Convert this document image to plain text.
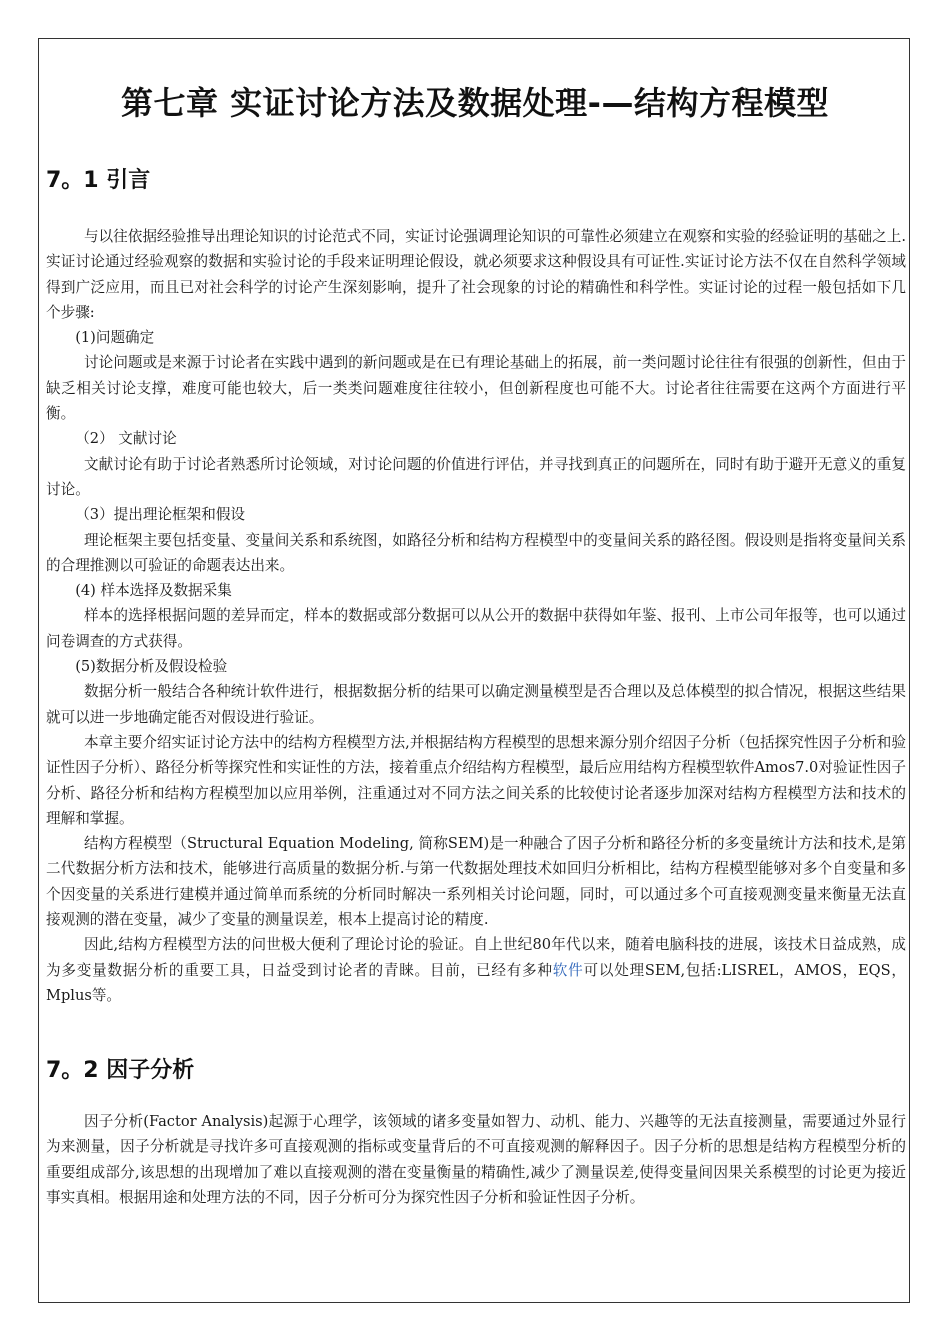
第七章 实证讨论方法及数据处理-—结构方程模型
7。1 引言

与以往依据经验推导出理论知识的讨论范式不同，实证讨论强调理论知识的可靠性必须建立在观察和实验的经验证明的基础之上.实证讨论通过经验观察的数据和实验讨论的手段来证明理论假设，就必须要求这种假设具有可证性.实证讨论方法不仅在自然科学领域得到广泛应用，而且已对社会科学的讨论产生深刻影响，提升了社会现象的讨论的精确性和科学性。实证讨论的过程一般包括如下几个步骤:

(1)问题确定

讨论问题或是来源于讨论者在实践中遇到的新问题或是在已有理论基础上的拓展，前一类问题讨论往往有很强的创新性，但由于缺乏相关讨论支撑，难度可能也较大，后一类类问题难度往往较小，但创新程度也可能不大。讨论者往往需要在这两个方面进行平衡。

（2） 文献讨论

文献讨论有助于讨论者熟悉所讨论领域，对讨论问题的价值进行评估，并寻找到真正的问题所在，同时有助于避开无意义的重复讨论。

（3）提出理论框架和假设

理论框架主要包括变量、变量间关系和系统图，如路径分析和结构方程模型中的变量间关系的路径图。假设则是指将变量间关系的合理推测以可验证的命题表达出来。

(4) 样本选择及数据采集

样本的选择根据问题的差异而定，样本的数据或部分数据可以从公开的数据中获得如年鉴、报刊、上市公司年报等，也可以通过问卷调查的方式获得。

(5)数据分析及假设检验

数据分析一般结合各种统计软件进行，根据数据分析的结果可以确定测量模型是否合理以及总体模型的拟合情况，根据这些结果就可以进一步地确定能否对假设进行验证。

本章主要介绍实证讨论方法中的结构方程模型方法,并根据结构方程模型的思想来源分别介绍因子分析（包括探究性因子分析和验证性因子分析）、路径分析等探究性和实证性的方法，接着重点介绍结构方程模型，最后应用结构方程模型软件Amos7.0对验证性因子分析、路径分析和结构方程模型加以应用举例，注重通过对不同方法之间关系的比较使讨论者逐步加深对结构方程模型方法和技术的理解和掌握。

结构方程模型（Structural Equation Modeling, 简称SEM)是一种融合了因子分析和路径分析的多变量统计方法和技术,是第二代数据分析方法和技术，能够进行高质量的数据分析.与第一代数据处理技术如回归分析相比，结构方程模型能够对多个自变量和多个因变量的关系进行建模并通过简单而系统的分析同时解决一系列相关讨论问题，同时，可以通过多个可直接观测变量来衡量无法直接观测的潜在变量，减少了变量的测量误差，根本上提高讨论的精度.

因此,结构方程模型方法的问世极大便利了理论讨论的验证。自上世纪80年代以来，随着电脑科技的进展，该技术日益成熟，成为多变量数据分析的重要工具，日益受到讨论者的青睐。目前，已经有多种软件可以处理SEM,包括:LISREL，AMOS，EQS，Mplus等。

7。2 因子分析

因子分析(Factor Analysis)起源于心理学，该领域的诸多变量如智力、动机、能力、兴趣等的无法直接测量，需要通过外显行为来测量，因子分析就是寻找许多可直接观测的指标或变量背后的不可直接观测的解释因子。因子分析的思想是结构方程模型分析的重要组成部分,该思想的出现增加了难以直接观测的潜在变量衡量的精确性,减少了测量误差,使得变量间因果关系模型的讨论更为接近事实真相。根据用途和处理方法的不同，因子分析可分为探究性因子分析和验证性因子分析。
